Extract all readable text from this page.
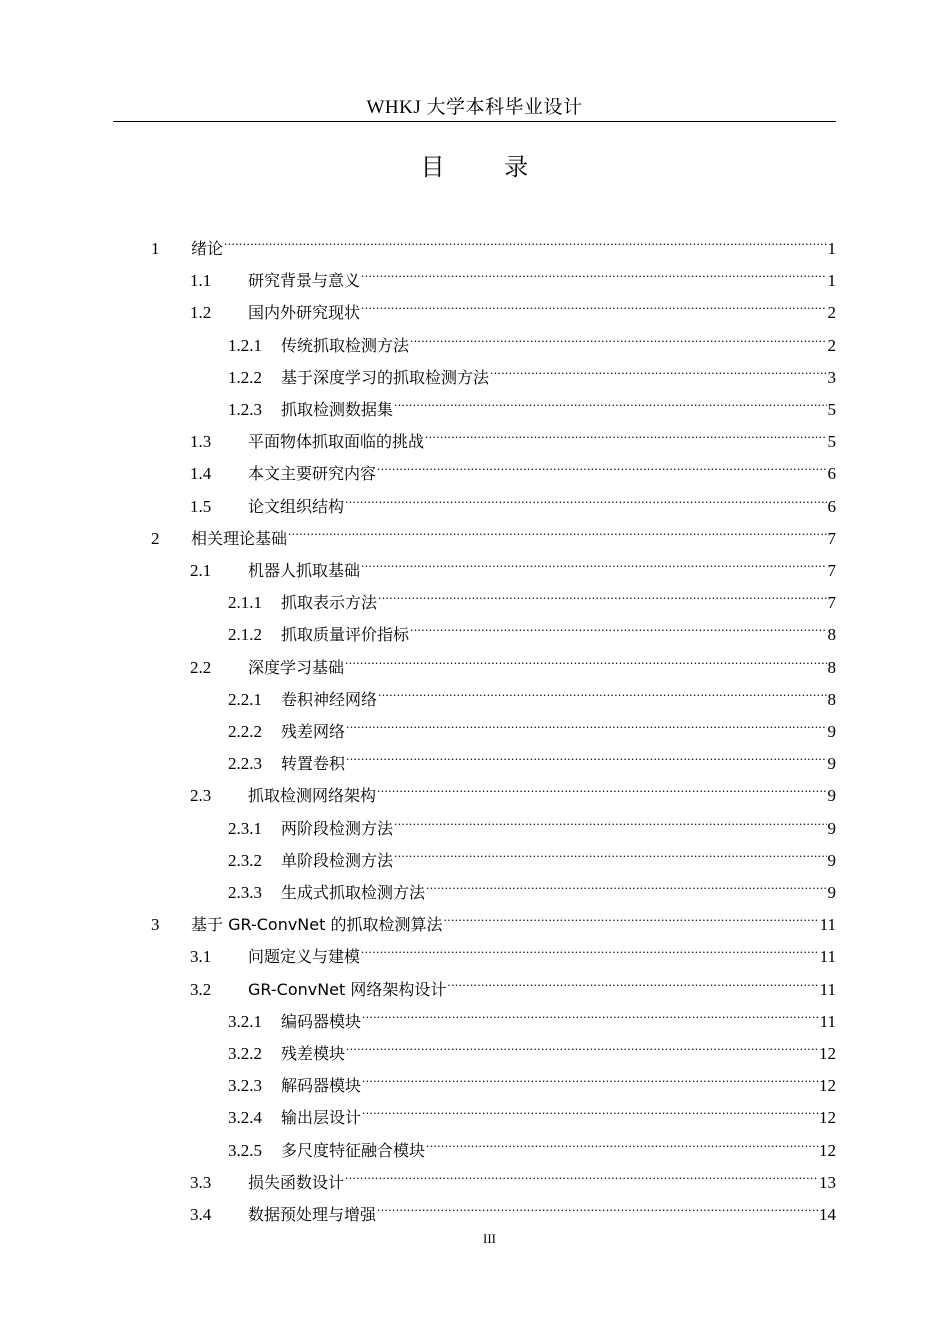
WHKJ 大学本科毕业设计
目 录
1	绪论 .....	1
1.1	研究背景与意义 .....	1
1.2	国内外研究现状 .....	2
1.2.1	传统抓取检测方法 .....	2
1.2.2	基于深度学习的抓取检测方法 .....	3
1.2.3	抓取检测数据集 .....	5
1.3	平面物体抓取面临的挑战 .....	5
1.4	本文主要研究内容 .....	6
1.5	论文组织结构 .....	6
2	相关理论基础 .....	7
2.1	机器人抓取基础 .....	7
2.1.1	抓取表示方法 .....	7
2.1.2	抓取质量评价指标 .....	8
2.2	深度学习基础 .....	8
2.2.1	卷积神经网络 .....	8
2.2.2	残差网络 .....	9
2.2.3	转置卷积 .....	9
2.3	抓取检测网络架构 .....	9
2.3.1	两阶段检测方法 .....	9
2.3.2	单阶段检测方法 .....	9
2.3.3	生成式抓取检测方法 .....	9
3	基于 GR-ConvNet 的抓取检测算法 .....	11
3.1	问题定义与建模 .....	11
3.2	GR-ConvNet 网络架构设计 .....	11
3.2.1	编码器模块 .....	11
3.2.2	残差模块 .....	12
3.2.3	解码器模块 .....	12
3.2.4	输出层设计 .....	12
3.2.5	多尺度特征融合模块 .....	12
3.3	损失函数设计 .....	13
3.4	数据预处理与增强 .....	14
III
